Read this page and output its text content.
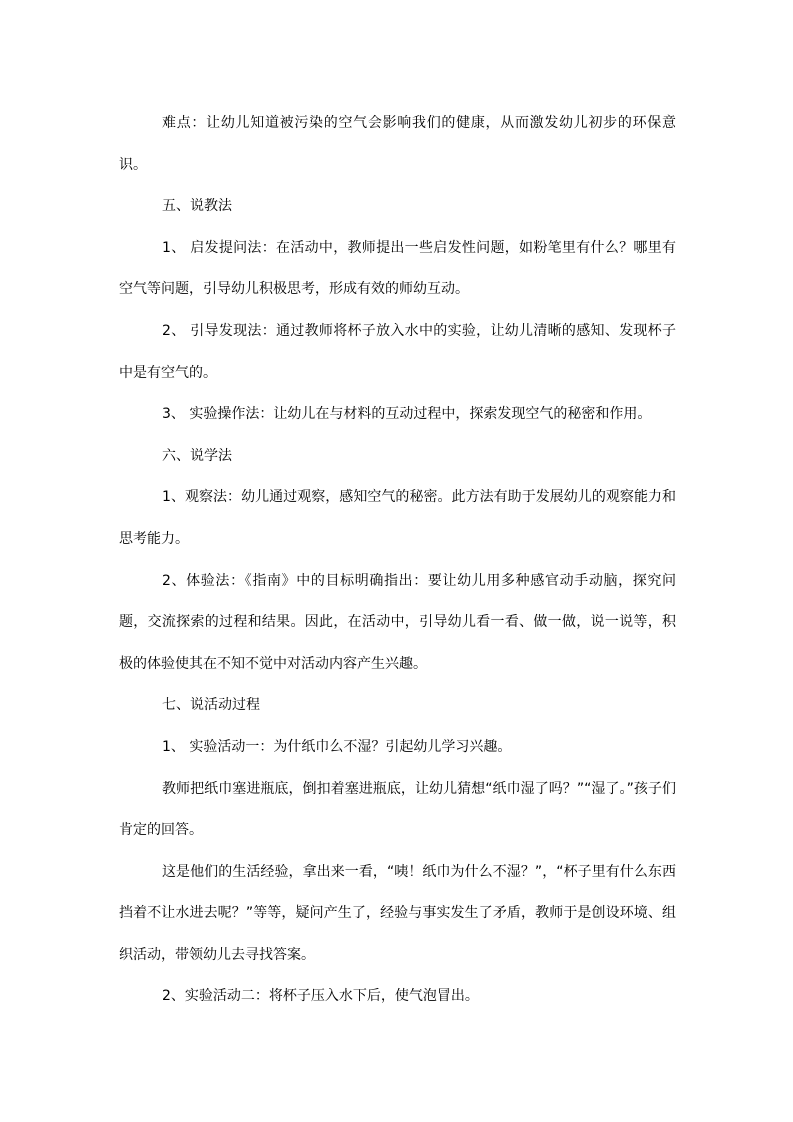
难点：让幼儿知道被污染的空气会影响我们的健康，从而激发幼儿初步的环保意识。

五、说教法

1、 启发提问法：在活动中，教师提出一些启发性问题，如粉笔里有什么？哪里有空气等问题，引导幼儿积极思考，形成有效的师幼互动。

2、 引导发现法：通过教师将杯子放入水中的实验，让幼儿清晰的感知、发现杯子中是有空气的。

3、 实验操作法：让幼儿在与材料的互动过程中，探索发现空气的秘密和作用。

六、说学法

1、观察法：幼儿通过观察，感知空气的秘密。此方法有助于发展幼儿的观察能力和思考能力。

2、体验法：《指南》中的目标明确指出：要让幼儿用多种感官动手动脑，探究问题，交流探索的过程和结果。因此，在活动中，引导幼儿看一看、做一做，说一说等，积极的体验使其在不知不觉中对活动内容产生兴趣。

七、说活动过程

1、 实验活动一：为什纸巾么不湿？引起幼儿学习兴趣。

教师把纸巾塞进瓶底，倒扣着塞进瓶底，让幼儿猜想“纸巾湿了吗？”“湿了。”孩子们肯定的回答。

这是他们的生活经验，拿出来一看，“咦！纸巾为什么不湿？”，“杯子里有什么东西挡着不让水进去呢？”等等，疑问产生了，经验与事实发生了矛盾，教师于是创设环境、组织活动，带领幼儿去寻找答案。

2、实验活动二：将杯子压入水下后，使气泡冒出。
